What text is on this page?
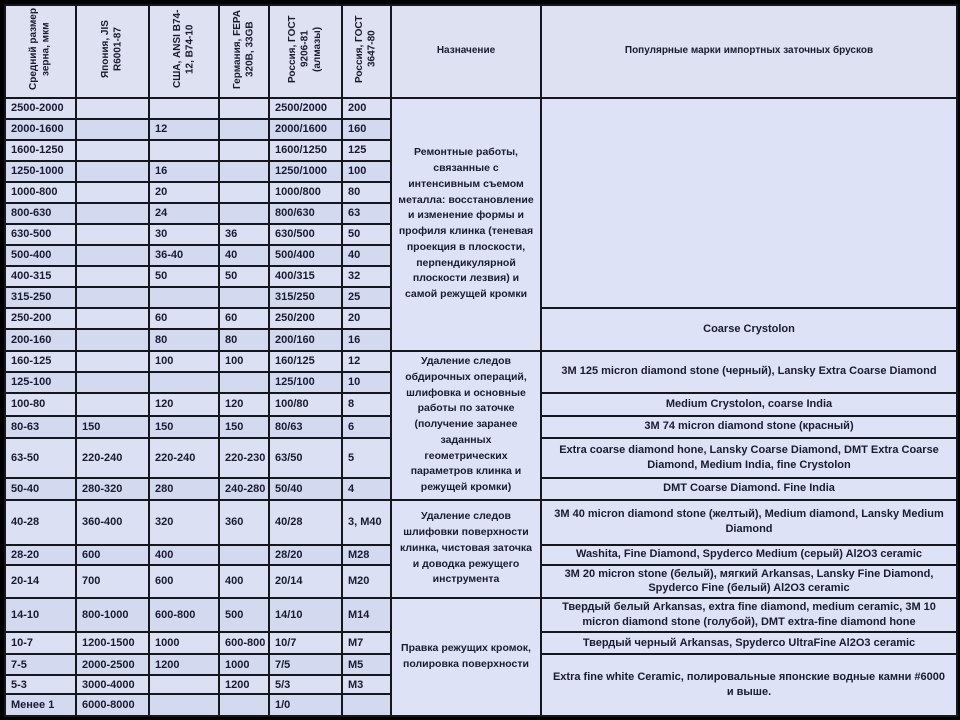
Средний размер зерна, мкм	Япония, JIS R6001-87	США, ANSI B74-12, B74-10	Германия, FEPA 320B, 33GB	Россия, ГОСТ 9206-81 (алмазы)	Россия, ГОСТ 3647-80	Назначение	Популярные марки импортных заточных брусков
2500-2000				2500/2000	200	Ремонтные работы, связанные с интенсивным съемом металла: восстановление и изменение формы и профиля клинка (теневая проекция в плоскости, перпендикулярной плоскости лезвия) и самой режущей кромки	
2000-1600		12		2000/1600	160		
1600-1250				1600/1250	125		
1250-1000		16		1250/1000	100		
1000-800		20		1000/800	80		
800-630		24		800/630	63		
630-500		30	36	630/500	50		
500-400		36-40	40	500/400	40		
400-315		50	50	400/315	32		
315-250				315/250	25		
250-200		60	60	250/200	20		Coarse Crystolon
200-160		80	80	200/160	16		
160-125		100	100	160/125	12	Удаление следов обдирочных операций, шлифовка и основные работы по заточке (получение заранее заданных геометрических параметров клинка и режущей кромки)	3M 125 micron diamond stone (черный), Lansky Extra Coarse Diamond
125-100				125/100	10		
100-80		120	120	100/80	8		Medium Crystolon, coarse India
80-63	150	150	150	80/63	6		3M 74 micron diamond stone (красный)
63-50	220-240	220-240	220-230	63/50	5		Extra coarse diamond hone, Lansky Coarse Diamond, DMT Extra Coarse Diamond, Medium India, fine Crystolon
50-40	280-320	280	240-280	50/40	4		DMT Coarse Diamond. Fine India
40-28	360-400	320	360	40/28	3, М40	Удаление следов шлифовки поверхности клинка, чистовая заточка и доводка режущего инструмента	3M 40 micron diamond stone (желтый), Medium diamond, Lansky Medium Diamond
28-20	600	400		28/20	М28		Washita, Fine Diamond, Spyderco Medium (серый) Al2O3 ceramic
20-14	700	600	400	20/14	М20		3M 20 micron stone (белый), мягкий Arkansas, Lansky Fine Diamond, Spyderco Fine (белый) Al2O3 ceramic
14-10	800-1000	600-800	500	14/10	М14	Правка режущих кромок, полировка поверхности	Твердый белый Arkansas, extra fine diamond, medium ceramic, 3M 10 micron diamond stone (голубой), DMT extra-fine diamond hone
10-7	1200-1500	1000	600-800	10/7	М7		Твердый черный Arkansas, Spyderco UltraFine Al2O3 ceramic
7-5	2000-2500	1200	1000	7/5	М5		Extra fine white Ceramic, полировальные японские водные камни #6000 и выше.
5-3	3000-4000		1200	5/3	М3		
Менее 1	6000-8000			1/0			
